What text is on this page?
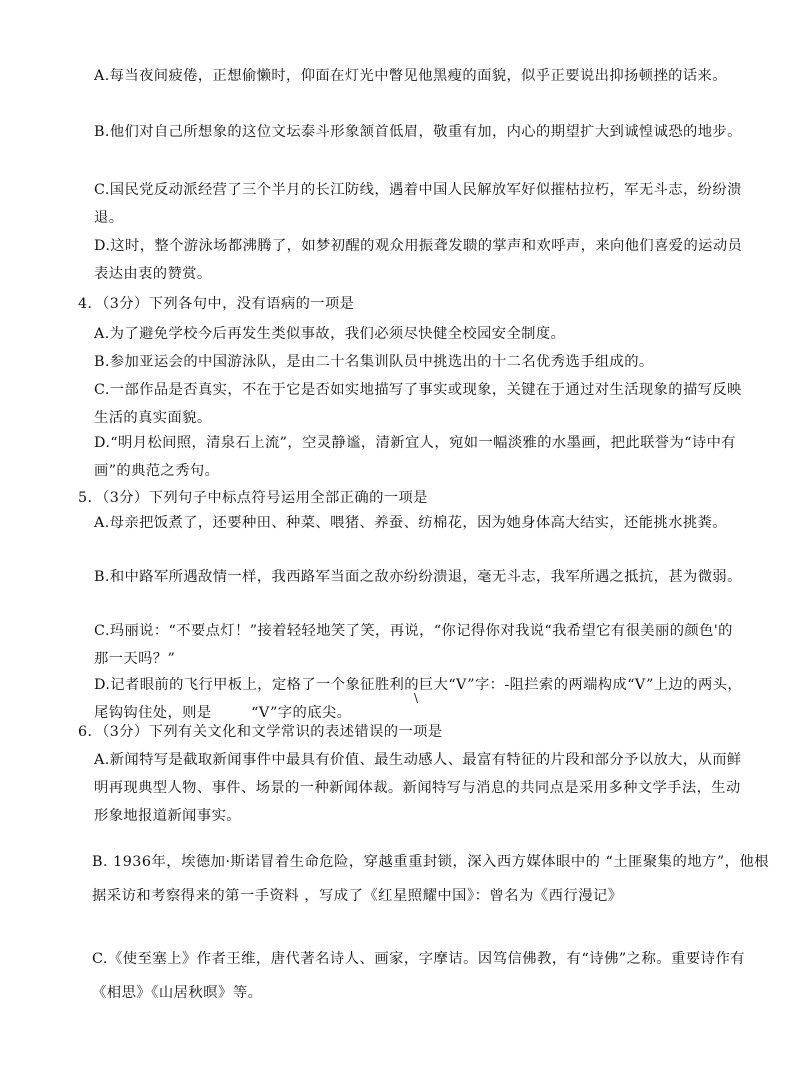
A.每当夜间疲倦，正想偷懒时，仰面在灯光中瞥见他黑瘦的面貌，似乎正要说出抑扬顿挫的话来。
B.他们对自己所想象的这位文坛泰斗形象颔首低眉，敬重有加，内心的期望扩大到诚惶诚恐的地步。
C.国民党反动派经营了三个半月的长江防线，遇着中国人民解放军好似摧枯拉朽，军无斗志，纷纷溃退。
D.这时，整个游泳场都沸腾了，如梦初醒的观众用振聋发聩的掌声和欢呼声，来向他们喜爱的运动员表达由衷的赞赏。
4．（3分）下列各句中，没有语病的一项是
A.为了避免学校今后再发生类似事故，我们必须尽快健全校园安全制度。
B.参加亚运会的中国游泳队，是由二十名集训队员中挑选出的十二名优秀选手组成的。
C.一部作品是否真实，不在于它是否如实地描写了事实或现象，关键在于通过对生活现象的描写反映生活的真实面貌。
D.“明月松间照，清泉石上流”，空灵静谧，清新宜人，宛如一幅淡雅的水墨画，把此联誉为“诗中有画”的典范之秀句。
5．（3分）下列句子中标点符号运用全部正确的一项是
A.母亲把饭煮了，还要种田、种菜、喂猪、养蚕、纺棉花，因为她身体高大结实，还能挑水挑粪。
B.和中路军所遇敌情一样，我西路军当面之敌亦纷纷溃退，毫无斗志，我军所遇之抵抗，甚为微弱。
C.玛丽说：“不要点灯！”接着轻轻地笑了笑，再说，“你记得你对我说“我希望它有很美丽的颜色'的那一天吗？”
D.记者眼前的飞行甲板上，定格了一个象征胜利的巨大“V”字：-阻拦索的两端构成“V”上边的两头，尾钩钩住处，则是        “V”字的底尖。
\
6．（3分）下列有关文化和文学常识的表述错误的一项是
A.新闻特写是截取新闻事件中最具有价值、最生动感人、最富有特征的片段和部分予以放大，从而鲜明再现典型人物、事件、场景的一种新闻体裁。新闻特写与消息的共同点是采用多种文学手法，生动形象地报道新闻事实。
B. 1936年，埃德加·斯诺冒着生命危险，穿越重重封锁，深入西方媒体眼中的 “土匪聚集的地方”，他根据采访和考察得来的第一手资料 ，写成了《红星照耀中国》：曾名为《西行漫记》
C.《使至塞上》作者王维，唐代著名诗人、画家，字摩诘。因笃信佛教，有“诗佛”之称。重要诗作有《相思》《山居秋暝》等。
